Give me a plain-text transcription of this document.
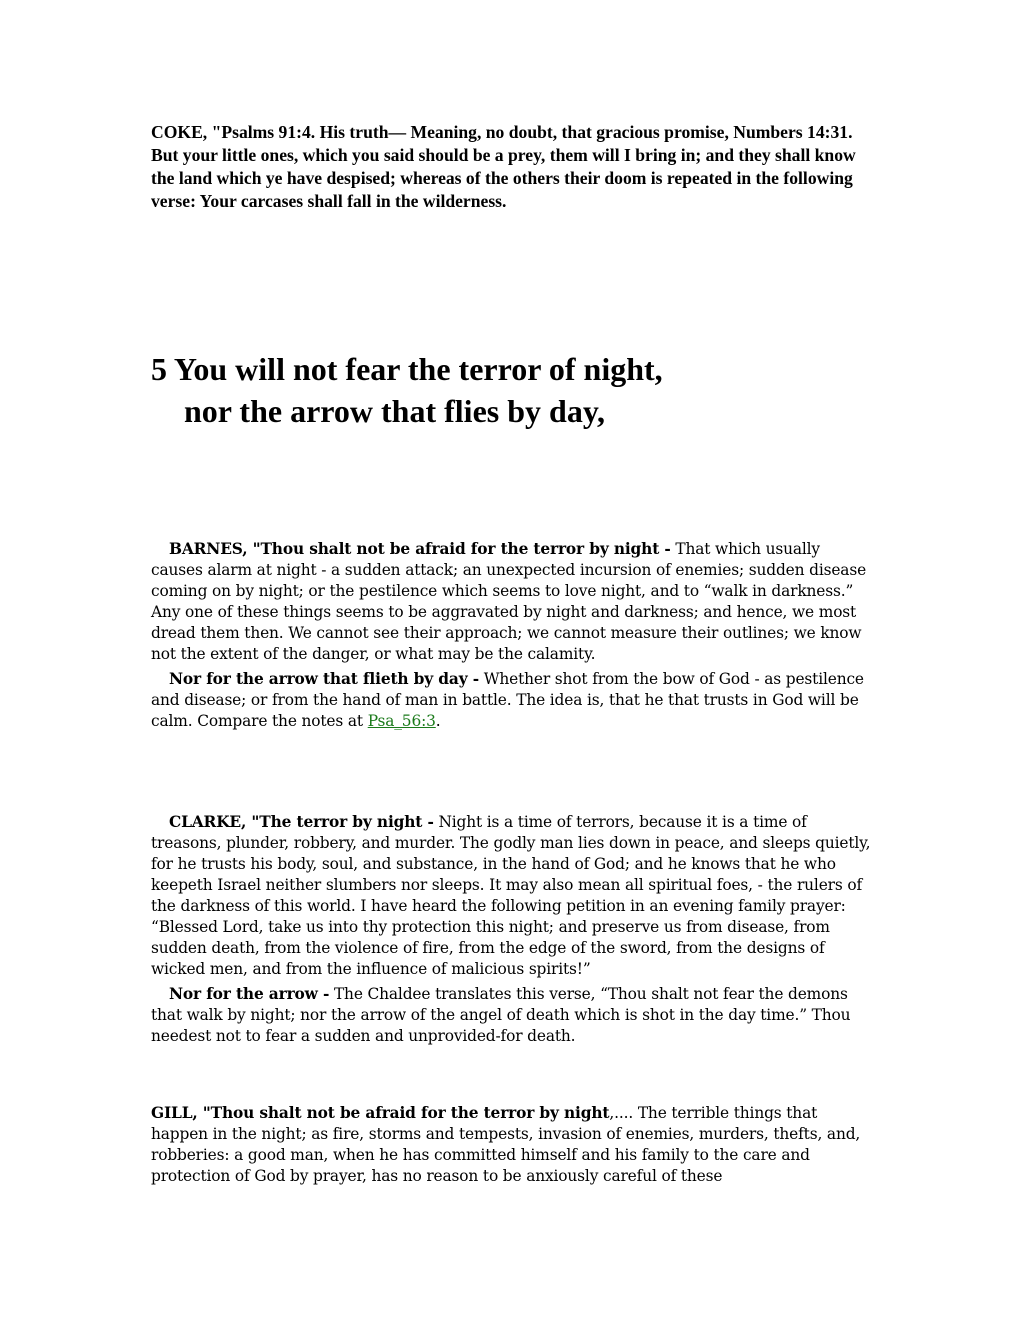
COKE, "Psalms 91:4. His truth— Meaning, no doubt, that gracious promise, Numbers 14:31. But your little ones, which you said should be a prey, them will I bring in; and they shall know the land which ye have despised; whereas of the others their doom is repeated in the following verse: Your carcases shall fall in the wilderness.
5 You will not fear the terror of night,
nor the arrow that flies by day,

BARNES, "Thou shalt not be afraid for the terror by night - That which usually causes alarm at night - a sudden attack; an unexpected incursion of enemies; sudden disease coming on by night; or the pestilence which seems to love night, and to “walk in darkness.” Any one of these things seems to be aggravated by night and darkness; and hence, we most dread them then. We cannot see their approach; we cannot measure their outlines; we know not the extent of the danger, or what may be the calamity.

Nor for the arrow that flieth by day - Whether shot from the bow of God - as pestilence and disease; or from the hand of man in battle. The idea is, that he that trusts in God will be calm. Compare the notes at Psa_56:3.

CLARKE, "The terror by night - Night is a time of terrors, because it is a time of treasons, plunder, robbery, and murder. The godly man lies down in peace, and sleeps quietly, for he trusts his body, soul, and substance, in the hand of God; and he knows that he who keepeth Israel neither slumbers nor sleeps. It may also mean all spiritual foes, - the rulers of the darkness of this world. I have heard the following petition in an evening family prayer: “Blessed Lord, take us into thy protection this night; and preserve us from disease, from sudden death, from the violence of fire, from the edge of the sword, from the designs of wicked men, and from the influence of malicious spirits!”

Nor for the arrow - The Chaldee translates this verse, “Thou shalt not fear the demons that walk by night; nor the arrow of the angel of death which is shot in the day time.” Thou needest not to fear a sudden and unprovided-for death.

GILL, "Thou shalt not be afraid for the terror by night,.... The terrible things that happen in the night; as fire, storms and tempests, invasion of enemies, murders, thefts, and, robberies: a good man, when he has committed himself and his family to the care and protection of God by prayer, has no reason to be anxiously careful of these
